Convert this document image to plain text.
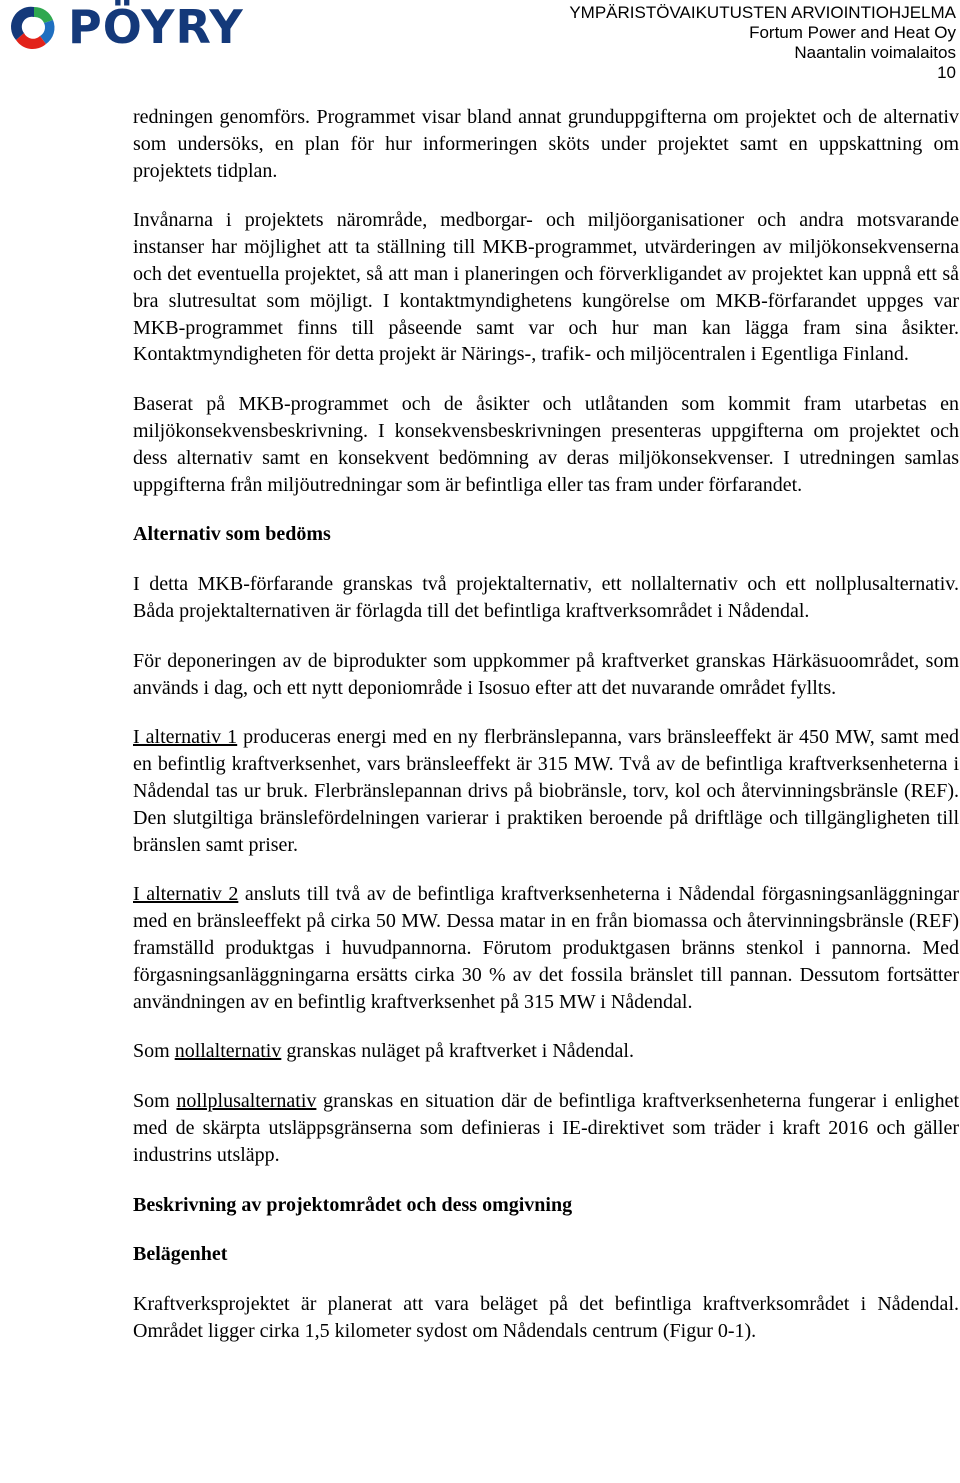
PÖYRY	YMPÄRISTÖVAIKUTUSTEN ARVIOINTIOHJELMA
Fortum Power and Heat Oy
Naantalin voimalaitos
10

redningen genomförs. Programmet visar bland annat grunduppgifterna om projektet och de alternativ som undersöks, en plan för hur informeringen sköts under projektet samt en uppskattning om projektets tidplan.

Invånarna i projektets närområde, medborgar- och miljöorganisationer och andra motsvarande instanser har möjlighet att ta ställning till MKB-programmet, utvärderingen av miljökonsekvenserna och det eventuella projektet, så att man i planeringen och förverkligandet av projektet kan uppnå ett så bra slutresultat som möjligt. I kontaktmyndighetens kungörelse om MKB-förfarandet uppges var MKB-programmet finns till påseende samt var och hur man kan lägga fram sina åsikter. Kontaktmyndigheten för detta projekt är Närings-, trafik- och miljöcentralen i Egentliga Finland.

Baserat på MKB-programmet och de åsikter och utlåtanden som kommit fram utarbetas en miljökonsekvensbeskrivning. I konsekvensbeskrivningen presenteras uppgifterna om projektet och dess alternativ samt en konsekvent bedömning av deras miljökonsekvenser. I utredningen samlas uppgifterna från miljöutredningar som är befintliga eller tas fram under förfarandet.

Alternativ som bedöms

I detta MKB-förfarande granskas två projektalternativ, ett nollalternativ och ett nollplusalternativ. Båda projektalternativen är förlagda till det befintliga kraftverksområdet i Nådendal.

För deponeringen av de biprodukter som uppkommer på kraftverket granskas Härkäsuoområdet, som används i dag, och ett nytt deponiområde i Isosuo efter att det nuvarande området fyllts.

I alternativ 1 produceras energi med en ny flerbränslepanna, vars bränsleeffekt är 450 MW, samt med en befintlig kraftverksenhet, vars bränsleeffekt är 315 MW. Två av de befintliga kraftverksenheterna i Nådendal tas ur bruk. Flerbränslepannan drivs på biobränsle, torv, kol och återvinningsbränsle (REF). Den slutgiltiga bränslefördelningen varierar i praktiken beroende på driftläge och tillgängligheten till bränslen samt priser.

I alternativ 2 ansluts till två av de befintliga kraftverksenheterna i Nådendal förgasningsanläggningar med en bränsleeffekt på cirka 50 MW. Dessa matar in en från biomassa och återvinningsbränsle (REF) framställd produktgas i huvudpannorna. Förutom produktgasen bränns stenkol i pannorna. Med förgasningsanläggningarna ersätts cirka 30 % av det fossila bränslet till pannan. Dessutom fortsätter användningen av en befintlig kraftverksenhet på 315 MW i Nådendal.

Som nollalternativ granskas nuläget på kraftverket i Nådendal.

Som nollplusalternativ granskas en situation där de befintliga kraftverksenheterna fungerar i enlighet med de skärpta utsläppsgränserna som definieras i IE-direktivet som träder i kraft 2016 och gäller industrins utsläpp.

Beskrivning av projektområdet och dess omgivning
Belägenhet

Kraftverksprojektet är planerat att vara beläget på det befintliga kraftverksområdet i Nådendal. Området ligger cirka 1,5 kilometer sydost om Nådendals centrum (Figur 0-1).
